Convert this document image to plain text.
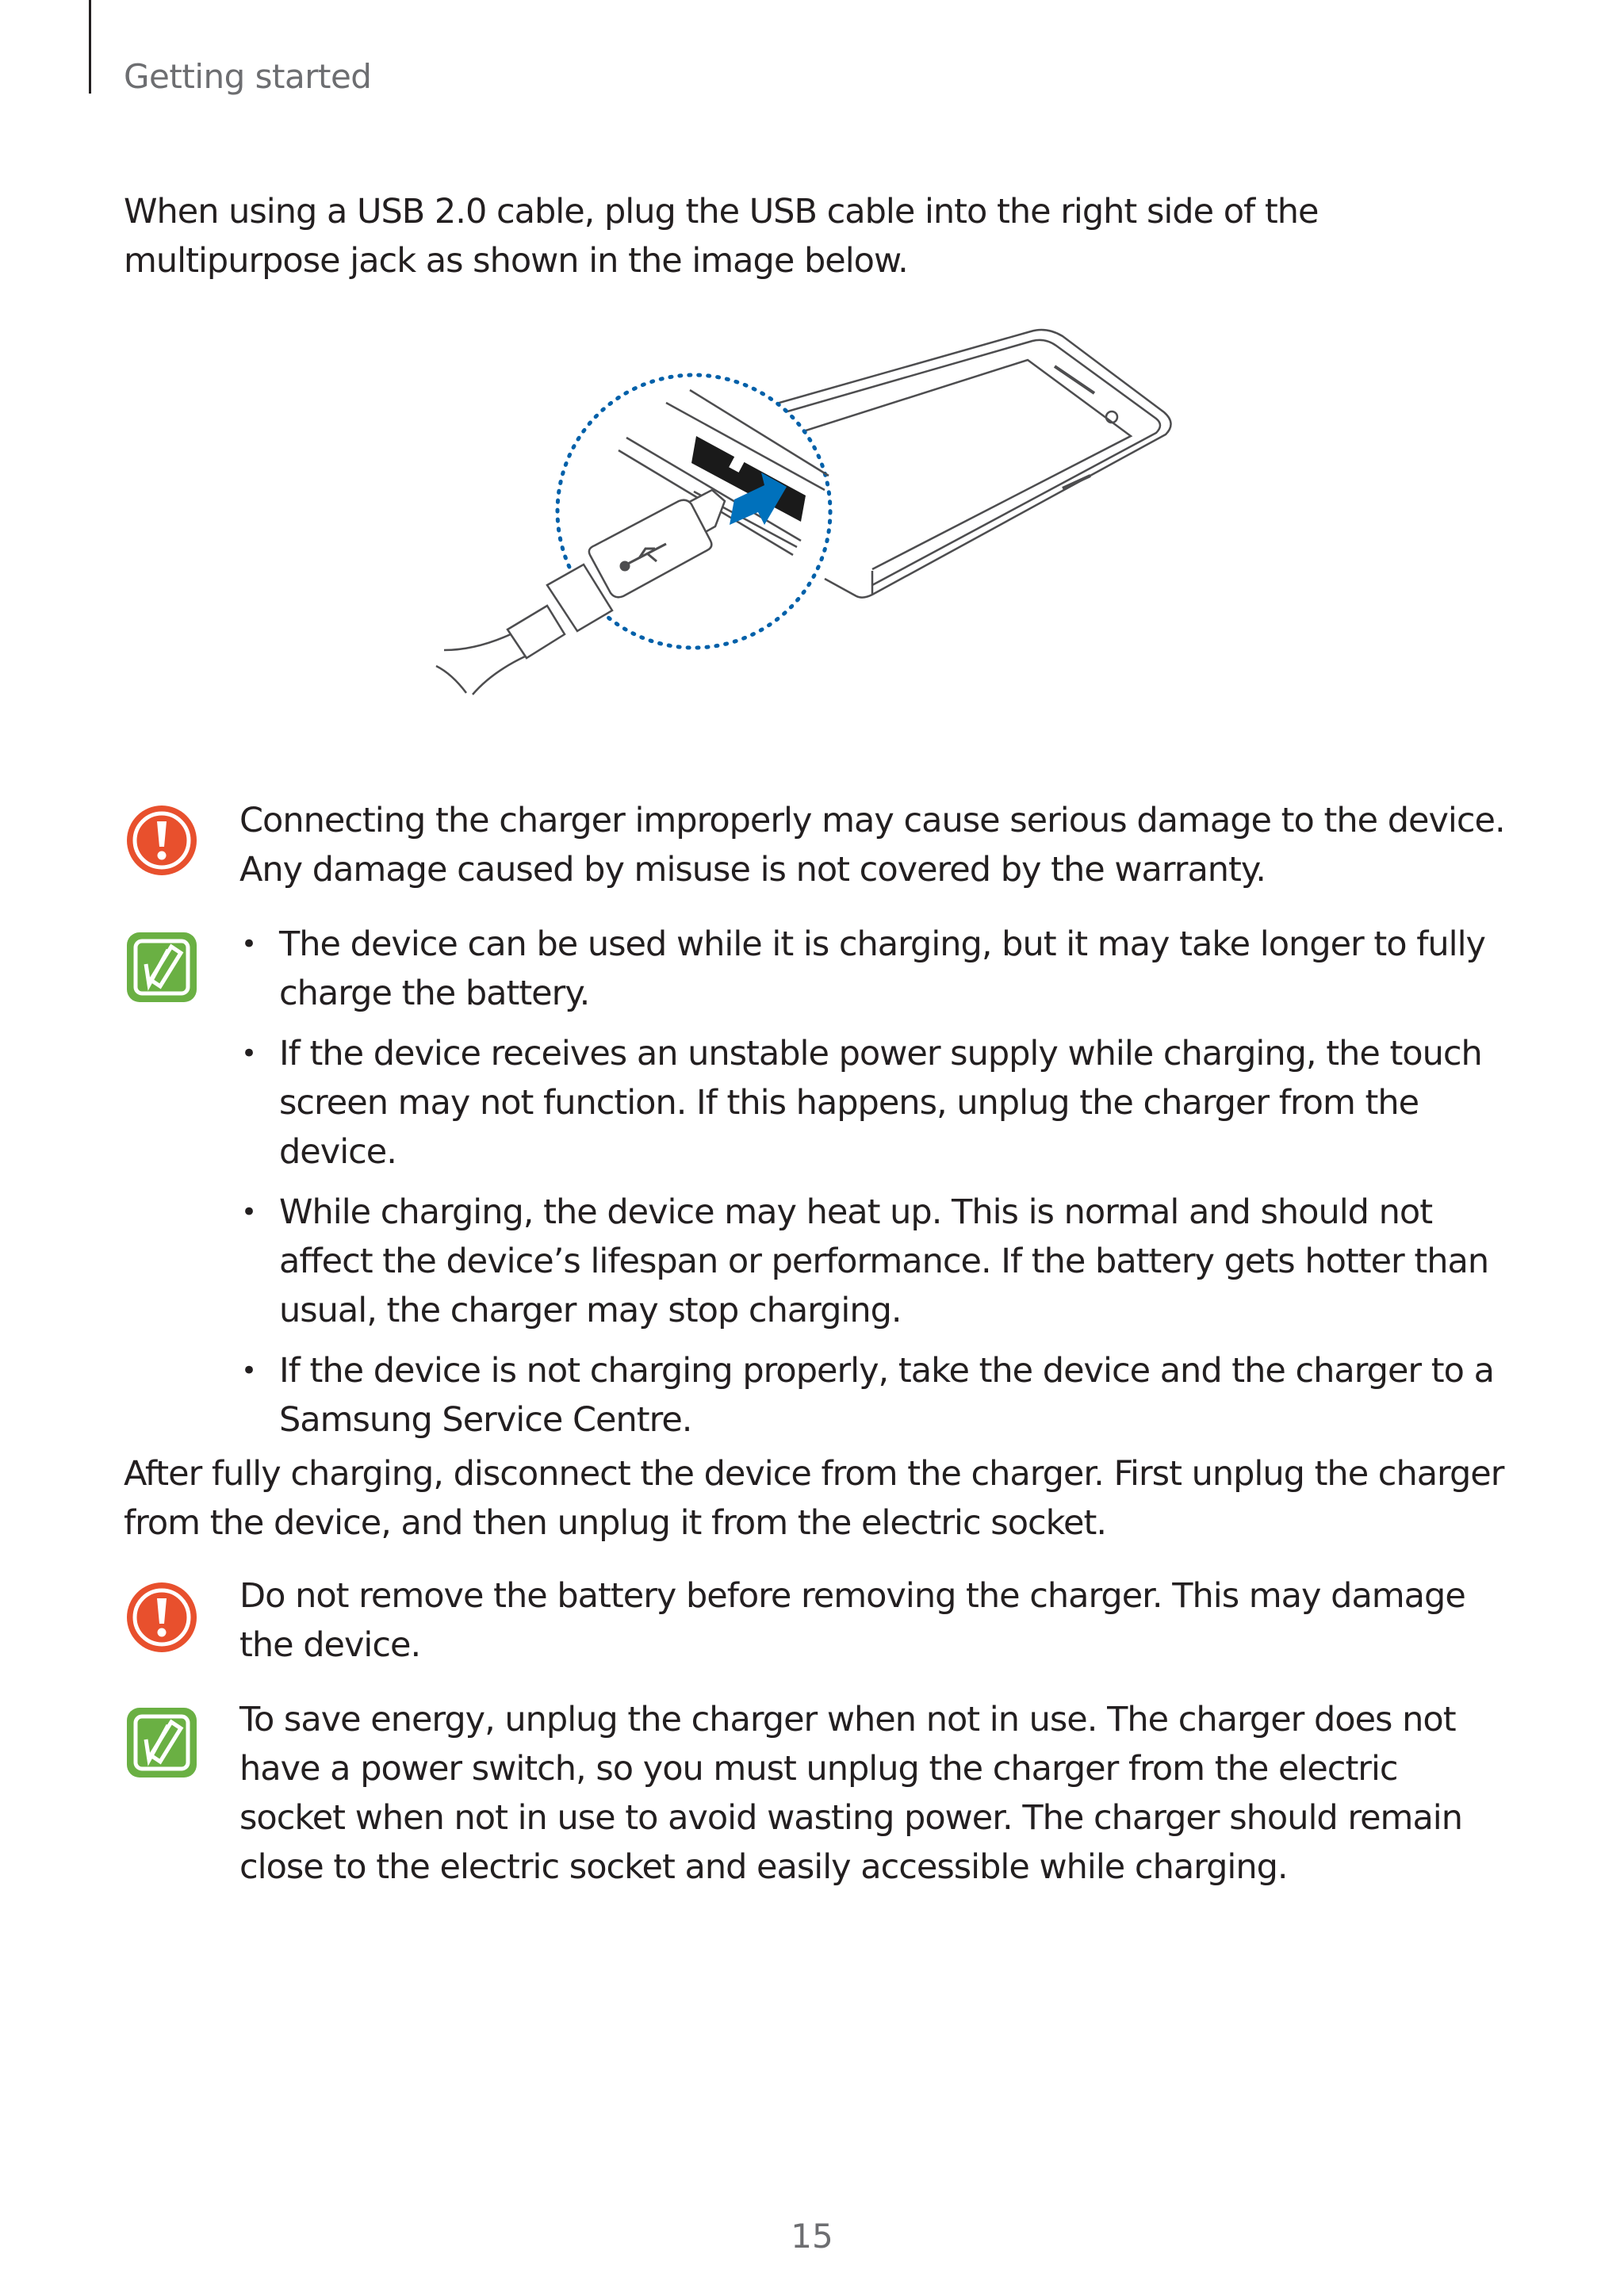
Getting started
When using a USB 2.0 cable, plug the USB cable into the right side of the multipurpose jack as shown in the image below.
Connecting the charger improperly may cause serious damage to the device. Any damage caused by misuse is not covered by the warranty.
• The device can be used while it is charging, but it may take longer to fully charge the battery.
• If the device receives an unstable power supply while charging, the touch screen may not function. If this happens, unplug the charger from the device.
• While charging, the device may heat up. This is normal and should not affect the device’s lifespan or performance. If the battery gets hotter than usual, the charger may stop charging.
• If the device is not charging properly, take the device and the charger to a Samsung Service Centre.
After fully charging, disconnect the device from the charger. First unplug the charger from the device, and then unplug it from the electric socket.
Do not remove the battery before removing the charger. This may damage the device.
To save energy, unplug the charger when not in use. The charger does not have a power switch, so you must unplug the charger from the electric socket when not in use to avoid wasting power. The charger should remain close to the electric socket and easily accessible while charging.
15
